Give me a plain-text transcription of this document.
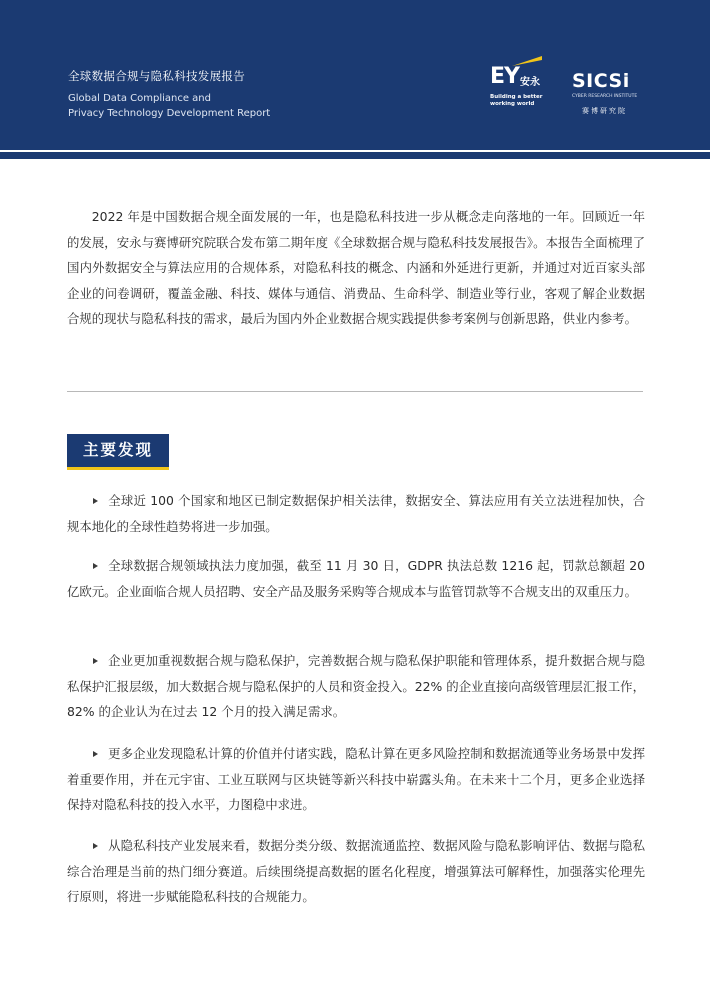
全球数据合规与隐私科技发展报告
Global Data Compliance and
Privacy Technology Development Report
EY 安永
Building a better
working world
SICSi
CYBER RESEARCH INSTITUTE
赛博研究院

2022 年是中国数据合规全面发展的一年，也是隐私科技进一步从概念走向落地的一年。回顾近一年的发展，安永与赛博研究院联合发布第二期年度《全球数据合规与隐私科技发展报告》。本报告全面梳理了国内外数据安全与算法应用的合规体系，对隐私科技的概念、内涵和外延进行更新，并通过对近百家头部企业的问卷调研，覆盖金融、科技、媒体与通信、消费品、生命科学、制造业等行业，客观了解企业数据合规的现状与隐私科技的需求，最后为国内外企业数据合规实践提供参考案例与创新思路，供业内参考。

主要发现

全球近 100 个国家和地区已制定数据保护相关法律，数据安全、算法应用有关立法进程加快，合规本地化的全球性趋势将进一步加强。

全球数据合规领域执法力度加强，截至 11 月 30 日，GDPR 执法总数 1216 起，罚款总额超 20 亿欧元。企业面临合规人员招聘、安全产品及服务采购等合规成本与监管罚款等不合规支出的双重压力。

企业更加重视数据合规与隐私保护，完善数据合规与隐私保护职能和管理体系，提升数据合规与隐私保护汇报层级，加大数据合规与隐私保护的人员和资金投入。22% 的企业直接向高级管理层汇报工作，82% 的企业认为在过去 12 个月的投入满足需求。

更多企业发现隐私计算的价值并付诸实践，隐私计算在更多风险控制和数据流通等业务场景中发挥着重要作用，并在元宇宙、工业互联网与区块链等新兴科技中崭露头角。在未来十二个月，更多企业选择保持对隐私科技的投入水平，力图稳中求进。

从隐私科技产业发展来看，数据分类分级、数据流通监控、数据风险与隐私影响评估、数据与隐私综合治理是当前的热门细分赛道。后续围绕提高数据的匿名化程度，增强算法可解释性，加强落实伦理先行原则，将进一步赋能隐私科技的合规能力。
